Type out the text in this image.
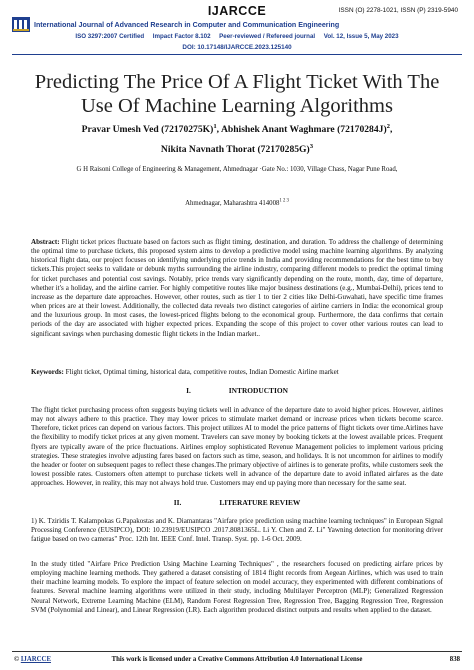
IJARCCE	ISSN (O) 2278-1021, ISSN (P) 2319-5940
International Journal of Advanced Research in Computer and Communication Engineering
ISO 3297:2007 Certified     Impact Factor 8.102     Peer-reviewed / Refereed journal     Vol. 12, Issue 5, May 2023
DOI: 10.17148/IJARCCE.2023.125140
Predicting The Price Of A Flight Ticket With The Use Of Machine Learning Algorithms
Pravar Umesh Ved $(72170275K)^1$, Abhishek Anant Waghmare $(72170284J)^2$,
Nikita Navnath Thorat $(72170285G)^3$
G H Raisoni College of Engineering & Management, Ahmednagar ·Gate No.: 1030, Village Chass, Nagar Pune Road,
Ahmednagar, Maharashtra $414008^{1 2 3}$
Abstract: Flight ticket prices fluctuate based on factors such as flight timing, destination, and duration. To address the challenge of determining the optimal time to purchase tickets, this proposed system aims to develop a predictive model using machine learning algorithms. By analyzing historical flight data, our project focuses on identifying underlying price trends in India and providing recommendations for the best time to buy tickets.This project seeks to validate or debunk myths surrounding the airline industry, comparing different models to predict the optimal timing for ticket purchases and potential cost savings. Notably, price trends vary significantly depending on the route, month, day, time of departure, whether it's a holiday, and the airline carrier. For highly competitive routes like major business destinations (e.g., Mumbai-Delhi), prices tend to increase as the departure date approaches. However, other routes, such as tier 1 to tier 2 cities like Delhi-Guwahati, have specific time frames when prices are at their lowest. Additionally, the collected data reveals two distinct categories of airline carriers in India: the economical group and the luxurious group. In most cases, the lowest-priced flights belong to the economical group. Furthermore, the data confirms that certain periods of the day are associated with higher expected prices. Expanding the scope of this project to cover other various routes can lead to significant savings when purchasing domestic flight tickets in the Indian market..
Keywords: Flight ticket, Optimal timing, historical data, competitive routes, Indian Domestic Airline market
I.	INTRODUCTION
The flight ticket purchasing process often suggests buying tickets well in advance of the departure date to avoid higher prices. However, airlines may not always adhere to this practice. They may lower prices to stimulate market demand or increase prices when tickets become scarce. Therefore, ticket prices can depend on various factors. This project utilizes AI to model the price patterns of flight tickets over time.Airlines have the flexibility to modify ticket prices at any given moment. Travelers can save money by booking tickets at the lowest available prices. Frequent flyers are typically aware of the price fluctuations. Airlines employ sophisticated Revenue Management policies to implement various pricing strategies. These strategies involve adjusting fares based on factors such as time, season, and holidays. It is not uncommon for airlines to modify the header or footer on subsequent pages to reflect these changes.The primary objective of airlines is to generate profits, while customers seek the lowest possible rates. Customers often attempt to purchase tickets well in advance of the departure date to avoid inflated airfares as the date approaches. However, in reality, this may not always hold true. Customers may end up paying more than necessary for the same seat.
II.	LITERATURE REVIEW
1) K. Tziridis T. Kalampokas G.Papakostas and K. Diamantaras "Airfare price prediction using machine learning techniques" in European Signal Processing Conference (EUSIPCO), DOI: 10.23919/EUSIPCO .2017.8081365L. Li Y. Chen and Z. Li" Yawning detection for monitoring driver fatigue based on two cameras" Proc. 12th Int. IEEE Conf. Intel. Transp. Syst. pp. 1-6 Oct. 2009.
In the study titled "Airfare Price Prediction Using Machine Learning Techniques" , the researchers focused on predicting airfare prices by employing machine learning methods. They gathered a dataset consisting of 1814 flight records from Aegean Airlines, which was used to train their machine learning models. To explore the impact of feature selection on model accuracy, they experimented with different combinations of features. Several machine learning algorithms were utilized in their study, including Multilayer Perceptron (MLP); Generalized Regression Neural Network, Extreme Learning Machine (ELM), Random Forest Regression Tree, Regression Tree, Bagging Regression Tree, Regression SVM (Polynomial and Linear), and Linear Regression (LR). Each algorithm produced distinct outputs and results when applied to the dataset.
© IJARCCE	This work is licensed under a Creative Commons Attribution 4.0 International License	838
